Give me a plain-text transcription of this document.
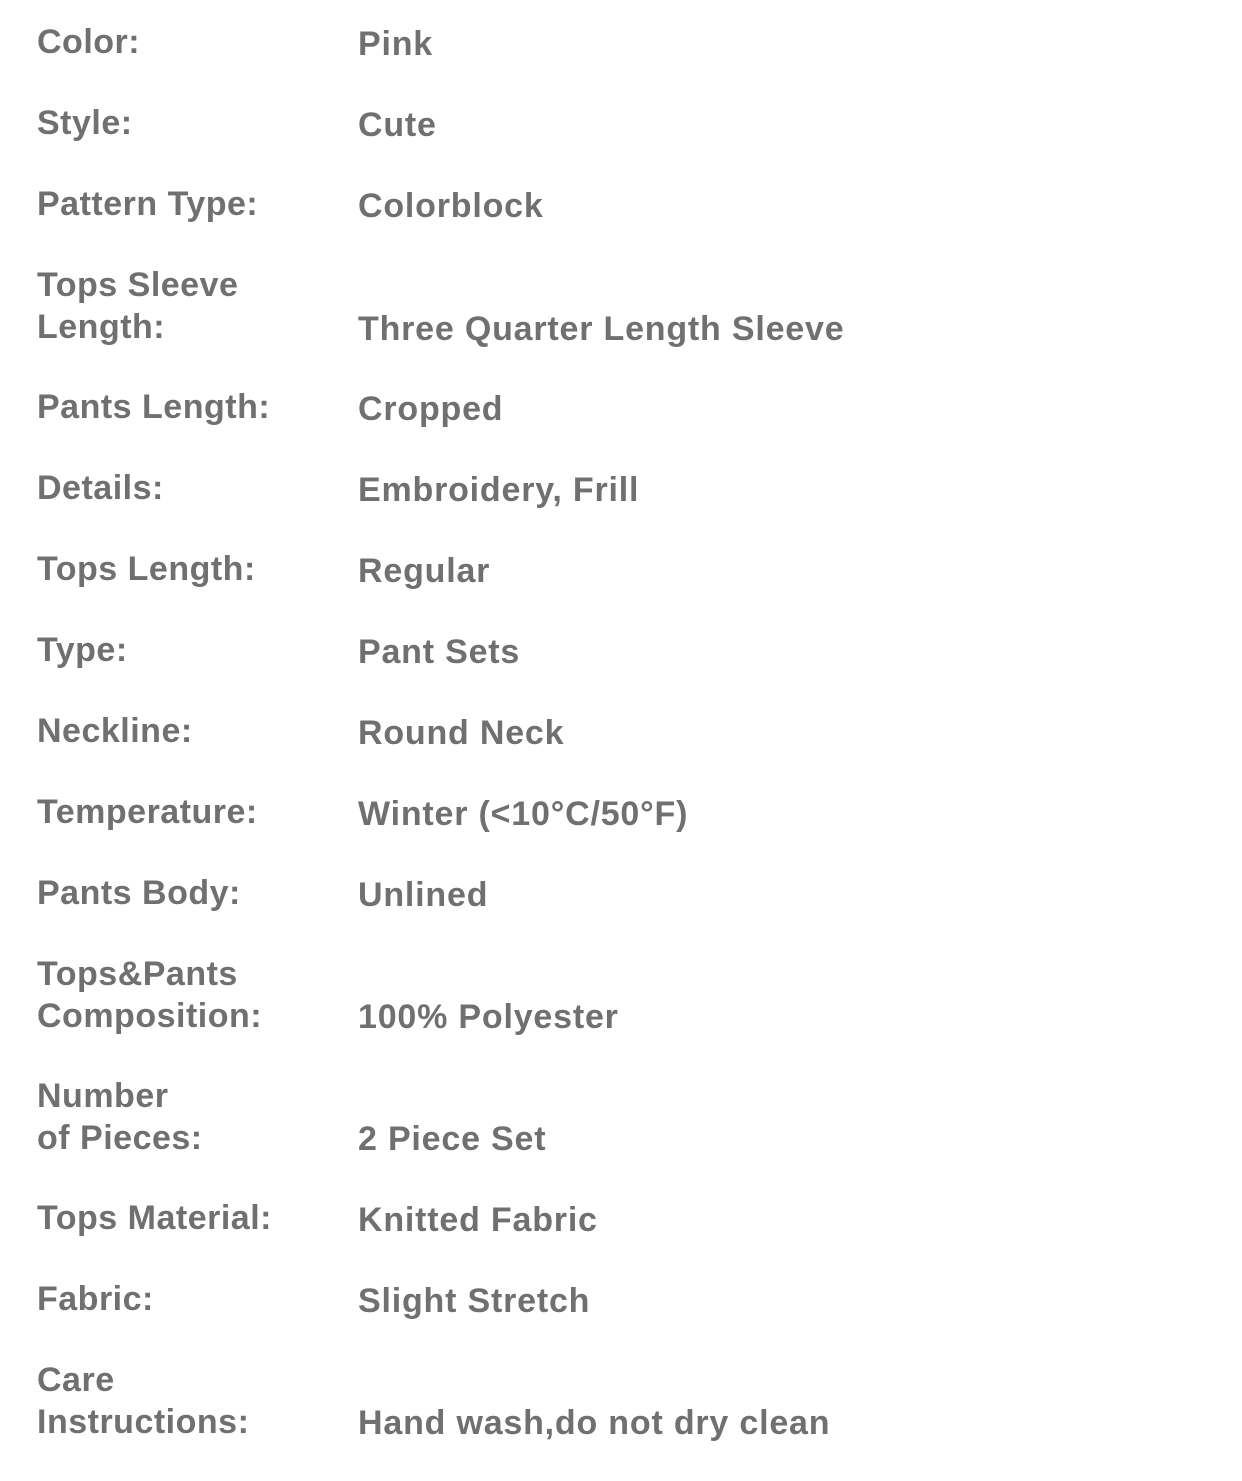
Color:	Pink
Style:	Cute
Pattern Type:	Colorblock
Tops Sleeve
Length:	Three Quarter Length Sleeve
Pants Length:	Cropped
Details:	Embroidery, Frill
Tops Length:	Regular
Type:	Pant Sets
Neckline:	Round Neck
Temperature:	Winter (<10°C/50°F)
Pants Body:	Unlined
Tops&Pants
Composition:	100% Polyester
Number
of Pieces:	2 Piece Set
Tops Material:	Knitted Fabric
Fabric:	Slight Stretch
Care
Instructions:	Hand wash,do not dry clean
